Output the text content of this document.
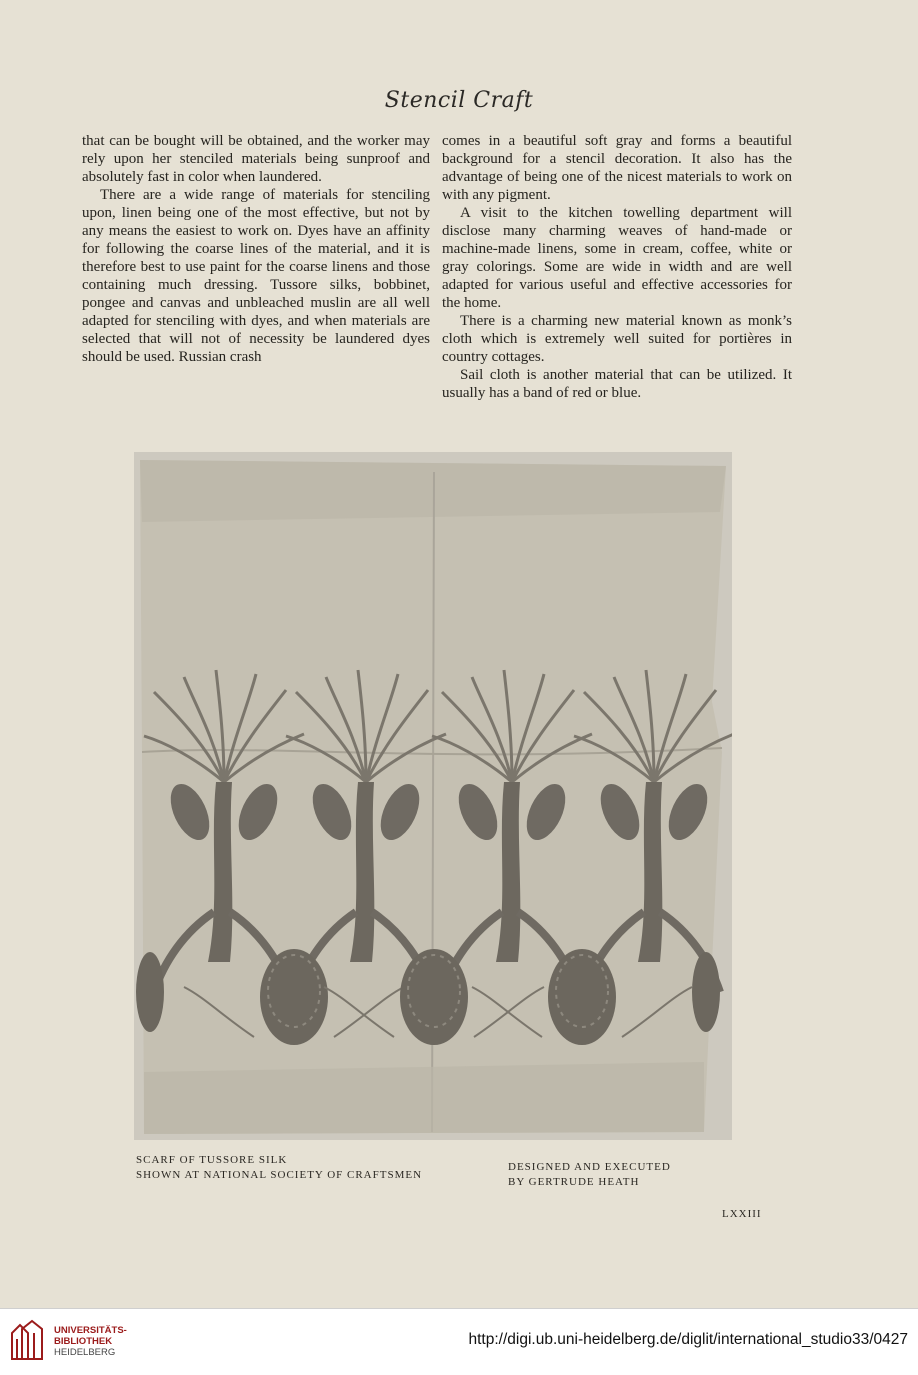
Stencil Craft

that can be bought will be obtained, and the worker may rely upon her stenciled materials being sunproof and absolutely fast in color when laundered.

There are a wide range of materials for stenciling upon, linen being one of the most effective, but not by any means the easiest to work on. Dyes have an affinity for following the coarse lines of the material, and it is therefore best to use paint for the coarse linens and those containing much dressing. Tussore silks, bobbinet, pongee and canvas and unbleached muslin are all well adapted for stenciling with dyes, and when materials are selected that will not of necessity be laundered dyes should be used. Russian crash

comes in a beautiful soft gray and forms a beautiful background for a stencil decoration. It also has the advantage of being one of the nicest materials to work on with any pigment.

A visit to the kitchen towelling department will disclose many charming weaves of hand-made or machine-made linens, some in cream, coffee, white or gray colorings. Some are wide in width and are well adapted for various useful and effective accessories for the home.

There is a charming new material known as monk’s cloth which is extremely well suited for portières in country cottages.

Sail cloth is another material that can be utilized. It usually has a band of red or blue.

SCARF OF TUSSORE SILK
SHOWN AT NATIONAL SOCIETY OF CRAFTSMEN
DESIGNED AND EXECUTED
BY GERTRUDE HEATH
LXXIII
UNIVERSITÄTS-
BIBLIOTHEK
HEIDELBERG
http://digi.ub.uni-heidelberg.de/diglit/international_studio33/0427
